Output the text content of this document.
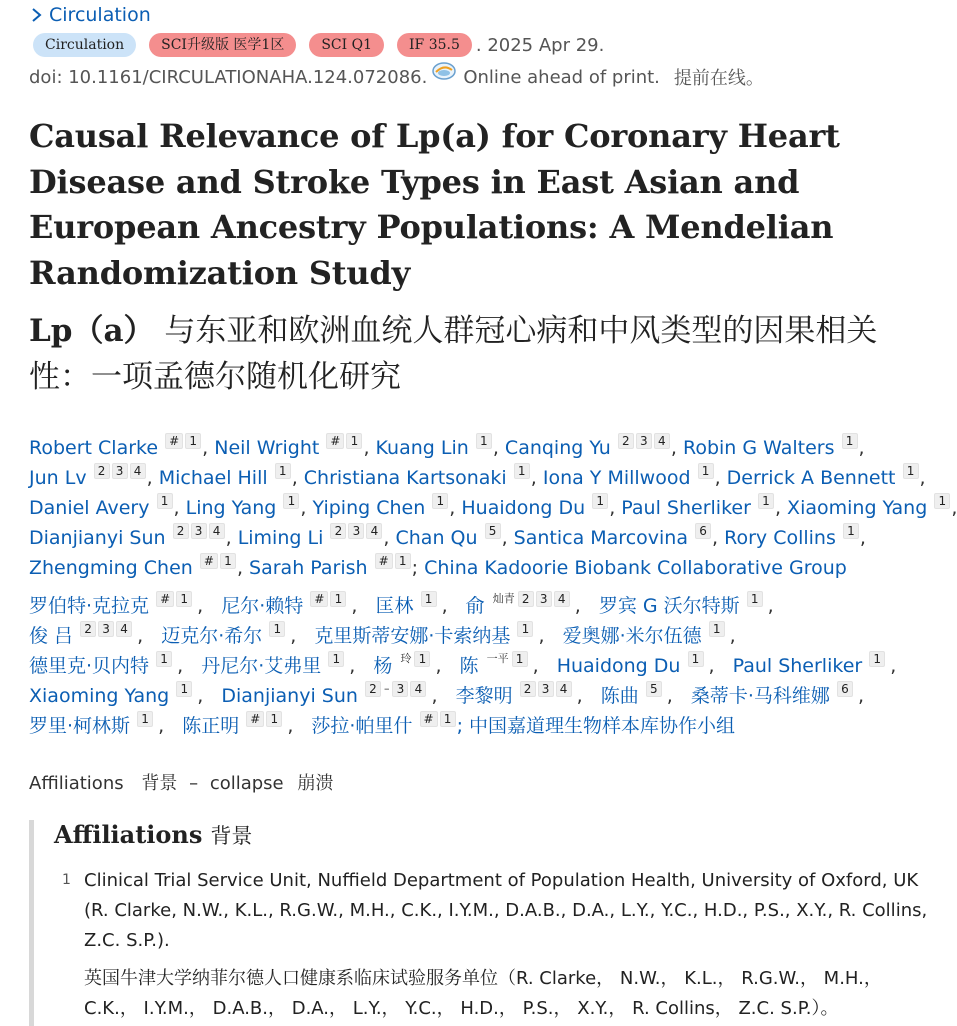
Circulation
Circulation	SCI升级版 医学1区	SCI Q1	IF 35.5 . 2025 Apr 29.
doi: 10.1161/CIRCULATIONAHA.124.072086. Online ahead of print. 提前在线。
Causal Relevance of Lp(a) for Coronary Heart Disease and Stroke Types in East Asian and European Ancestry Populations: A Mendelian Randomization Study

Lp（a） 与东亚和欧洲血统人群冠心病和中风类型的因果相关性：一项孟德尔随机化研究

Robert Clarke # 1 , Neil Wright # 1 , Kuang Lin 1 , Canqing Yu 2 3 4 , Robin G Walters 1 ,
Jun Lv 2 3 4 , Michael Hill 1 , Christiana Kartsonaki 1 , Iona Y Millwood 1 , Derrick A Bennett 1 ,
Daniel Avery 1 , Ling Yang 1 , Yiping Chen 1 , Huaidong Du 1 , Paul Sherliker 1 , Xiaoming Yang 1 ,
Dianjianyi Sun 2 3 4 , Liming Li 2 3 4 , Chan Qu 5 , Santica Marcovina 6 , Rory Collins 1 ,
Zhengming Chen # 1 , Sarah Parish # 1 ; China Kadoorie Biobank Collaborative Group
罗伯特·克拉克 # 1 , 尼尔·赖特 # 1 , 匡林 1 , 俞 $^{灿青}$ 2 3 4 , 罗宾 G 沃尔特斯 1 ,
俊 吕 2 3 4 , 迈克尔·希尔 1 , 克里斯蒂安娜·卡索纳基 1 , 爱奥娜·米尔伍德 1 ,
德里克·贝内特 1 , 丹尼尔·艾弗里 1 , 杨 $^玲$ 1 , 陈 $^{一平}$ 1 , Huaidong Du 1 , Paul Sherliker 1 ,
Xiaoming Yang 1 , Dianjianyi Sun 2 – 3 4 , 李黎明 2 3 4 , 陈曲 5 , 桑蒂卡·马科维娜 6 ,
罗里·柯林斯 1 , 陈正明 # 1 , 莎拉·帕里什 # 1 ; 中国嘉道理生物样本库协作小组
Affiliations 背景 – collapse 崩溃
Affiliations 背景
1 Clinical Trial Service Unit, Nuffield Department of Population Health, University of Oxford, UK (R. Clarke, N.W., K.L., R.G.W., M.H., C.K., I.Y.M., D.A.B., D.A., L.Y., Y.C., H.D., P.S., X.Y., R. Collins, Z.C. S.P.).
英国牛津大学纳菲尔德人口健康系临床试验服务单位（R. Clarke， N.W.， K.L.， R.G.W.， M.H.， C.K.， I.Y.M.， D.A.B.， D.A.， L.Y.， Y.C.， H.D.， P.S.， X.Y.， R. Collins， Z.C. S.P.）。
